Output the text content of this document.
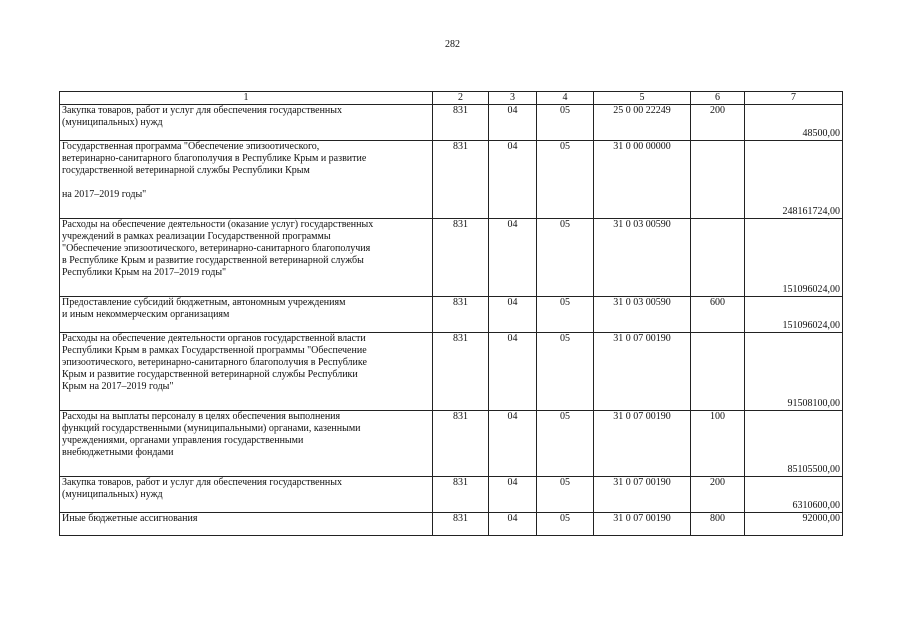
282
1	2	3	4	5	6	7
Закупка товаров, работ и услуг для обеспечения государственных
(муниципальных) нужд	831	04	05	25 0 00 22249	200	48500,00
Государственная программа "Обеспечение эпизоотического,
ветеринарно-санитарного благополучия в Республике Крым и развитие
государственной ветеринарной службы Республики Крым

на 2017–2019 годы"	831	04	05	31 0 00 00000		248161724,00
Расходы на обеспечение деятельности (оказание услуг) государственных
учреждений в рамках реализации Государственной программы
"Обеспечение эпизоотического, ветеринарно-санитарного благополучия
в Республике Крым и развитие государственной ветеринарной службы
Республики Крым на 2017–2019 годы"	831	04	05	31 0 03 00590		151096024,00
Предоставление субсидий бюджетным, автономным учреждениям
и иным некоммерческим организациям	831	04	05	31 0 03 00590	600	151096024,00
Расходы на обеспечение деятельности органов государственной власти
Республики Крым в рамках Государственной программы "Обеспечение
эпизоотического, ветеринарно-санитарного благополучия в Республике
Крым и развитие государственной ветеринарной службы Республики
Крым на 2017–2019 годы"	831	04	05	31 0 07 00190		91508100,00
Расходы на выплаты персоналу в целях обеспечения выполнения
функций государственными (муниципальными) органами, казенными
учреждениями, органами управления государственными
внебюджетными фондами	831	04	05	31 0 07 00190	100	85105500,00
Закупка товаров, работ и услуг для обеспечения государственных
(муниципальных) нужд	831	04	05	31 0 07 00190	200	6310600,00
Иные бюджетные ассигнования	831	04	05	31 0 07 00190	800	92000,00
